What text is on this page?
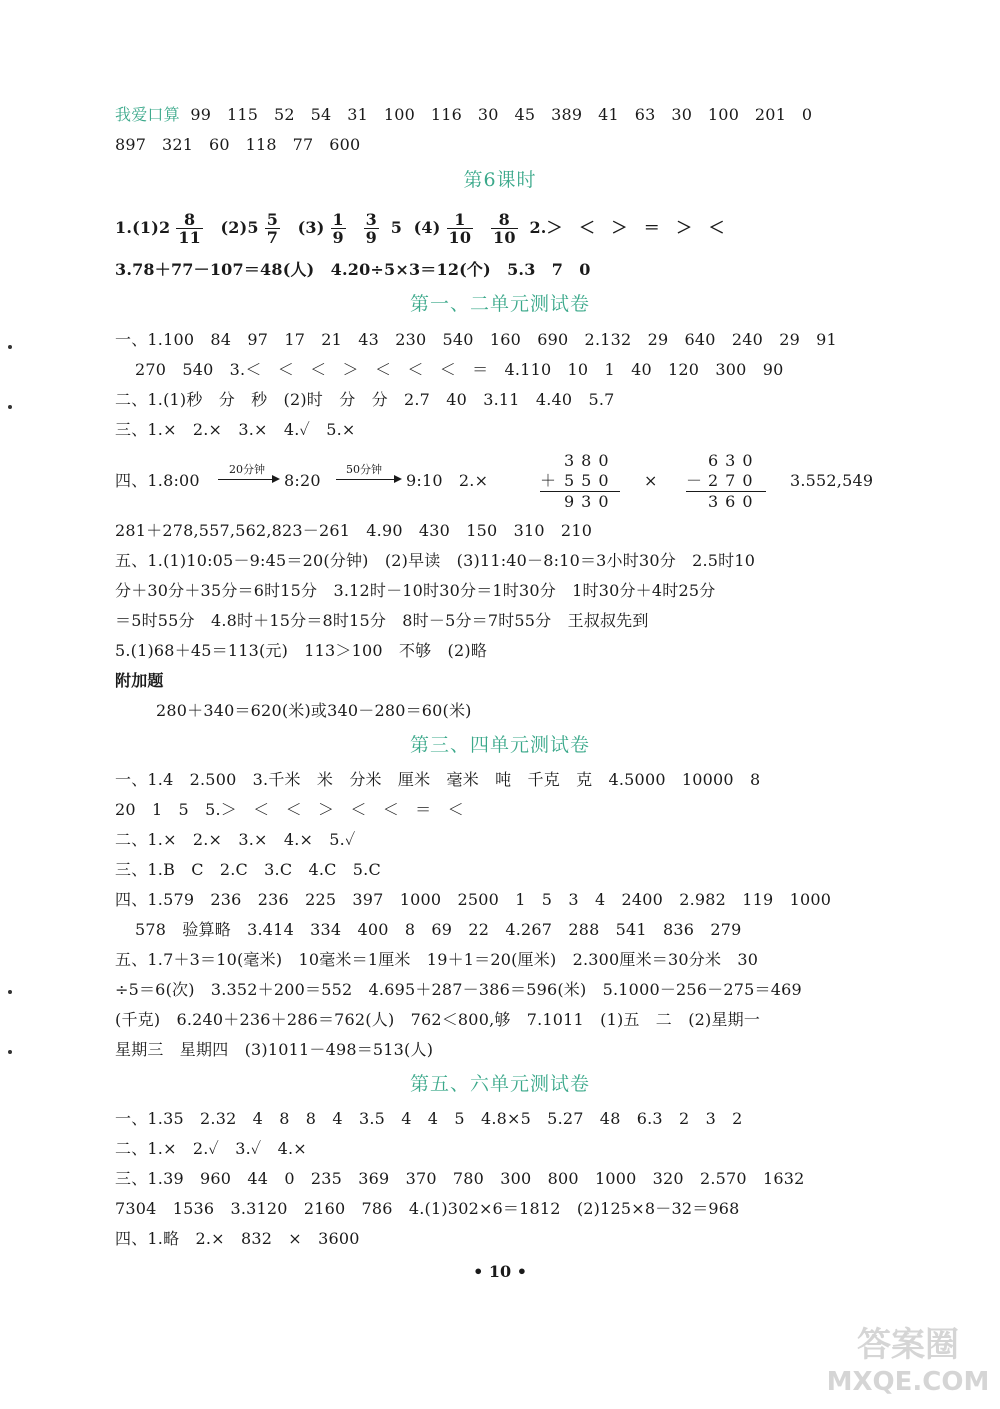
我爱口算 99   115   52   54   31   100   116   30   45   389   41   63   30   100   201   0
897   321   60   118   77   600
第6课时
$1.(1)2 \frac{8}{11} (2)5 \frac{5}{7} (3) \frac{1}{9}$
$\frac{3}{9} 5$ $(4) \frac{1}{10}$
$\frac{8}{10} 2.>$　＜　＞　＝　＞　＜
3.78＋77－107＝48(人)　4.20÷5×3＝12(个)　5.3　7　0
第一、二单元测试卷
一、1.100　84　97　17　21　43　230　540　160　690　2.132　29　640　240　29　91
270　540　3.＜　＜　＜　＞　＜　＜　＜　＝　4.110　10　1　40　120　300　90
二、1.(1)秒　分　秒　(2)时　分　分　2.7　40　3.11　4.40　5.7
三、1.×　2.×　3.×　4.✓　5.×
四、1.8:00
20分钟
8:20
50分钟
9:10　2.×
380
＋ 550
930
×
630
－
270
360
3.552,549
281＋278,557,562,823－261　4.90　430　150　310　210
五、1.(1)10:05－9:45＝20(分钟)　(2)早读　(3)11:40－8:10＝3小时30分　2.5时10
分＋30分＋35分＝6时15分　3.12时－10时30分＝1时30分　1时30分＋4时25分
＝5时55分　4.8时＋15分＝8时15分　8时－5分＝7时55分　王叔叔先到
5.(1)68＋45＝113(元)　113＞100　不够　(2)略
附加题
280＋340＝620(米)或340－280＝60(米)
第三、四单元测试卷
一、1.4　2.500　3.千米　米　分米　厘米　毫米　吨　千克　克　4.5000　10000　8
20　1　5　5.＞　＜　＜　＞　＜　＜　＝　＜
二、1.×　2.×　3.×　4.×　5.✓
三、1.B　C　2.C　3.C　4.C　5.C
四、1.579　236　236　225　397　1000　2500　1　5　3　4　2400　2.982　119　1000
578　验算略　3.414　334　400　8　69　22　4.267　288　541　836　279
五、1.7＋3＝10(毫米)　10毫米＝1厘米　19＋1＝20(厘米)　2.300厘米＝30分米　30
÷5＝6(次)　3.352＋200＝552　4.695＋287－386＝596(米)　5.1000－256－275＝469
(千克)　6.240＋236＋286＝762(人)　762＜800,够　7.1011　(1)五　二　(2)星期一
星期三　星期四　(3)1011－498＝513(人)
第五、六单元测试卷
一、1.35　2.32　4　8　8　4　3.5　4　4　5　4.8×5　5.27　48　6.3　2　3　2
二、1.×　2.✓　3.✓　4.×
三、1.39　960　44　0　235　369　370　780　300　800　1000　320　2.570　1632
7304　1536　3.3120　2160　786　4.(1)302×6＝1812　(2)125×8－32＝968
四、1.略　2.×　832　×　3600
• 10 •
答案圈
MXQE.COM
